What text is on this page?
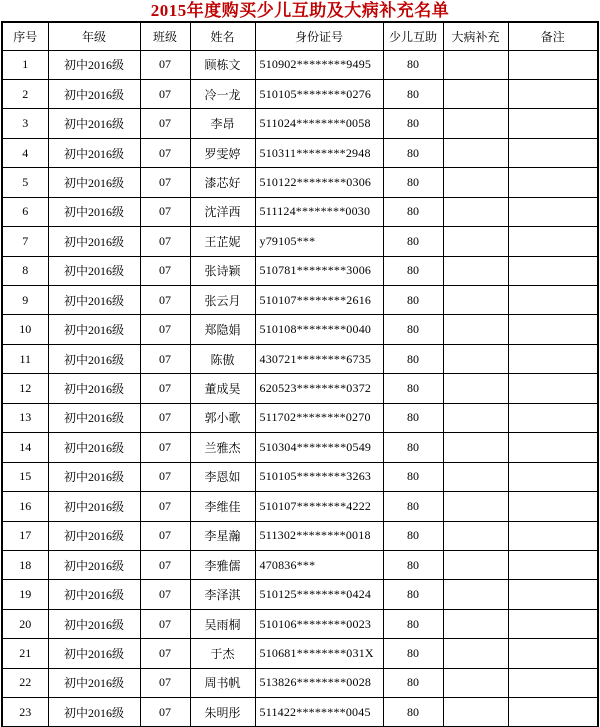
2015年度购买少儿互助及大病补充名单
序号	年级	班级	姓名	身份证号	少儿互助	大病补充	备注
1	初中2016级	07	顾栋文	510902********9495	80		
2	初中2016级	07	冷一龙	510105********0276	80		
3	初中2016级	07	李昂	511024********0058	80		
4	初中2016级	07	罗雯婷	510311********2948	80		
5	初中2016级	07	漆芯好	510122********0306	80		
6	初中2016级	07	沈洋西	511124********0030	80		
7	初中2016级	07	王芷妮	y79105***	80		
8	初中2016级	07	张诗颖	510781********3006	80		
9	初中2016级	07	张云月	510107********2616	80		
10	初中2016级	07	郑隐娟	510108********0040	80		
11	初中2016级	07	陈傲	430721********6735	80		
12	初中2016级	07	董成昊	620523********0372	80		
13	初中2016级	07	郭小歌	511702********0270	80		
14	初中2016级	07	兰雅杰	510304********0549	80		
15	初中2016级	07	李恩如	510105********3263	80		
16	初中2016级	07	李维佳	510107********4222	80		
17	初中2016级	07	李星瀚	511302********0018	80		
18	初中2016级	07	李雅儒	470836***	80		
19	初中2016级	07	李泽淇	510125********0424	80		
20	初中2016级	07	吴雨桐	510106********0023	80		
21	初中2016级	07	于杰	510681********031X	80		
22	初中2016级	07	周书帆	513826********0028	80		
23	初中2016级	07	朱明彤	511422********0045	80		
